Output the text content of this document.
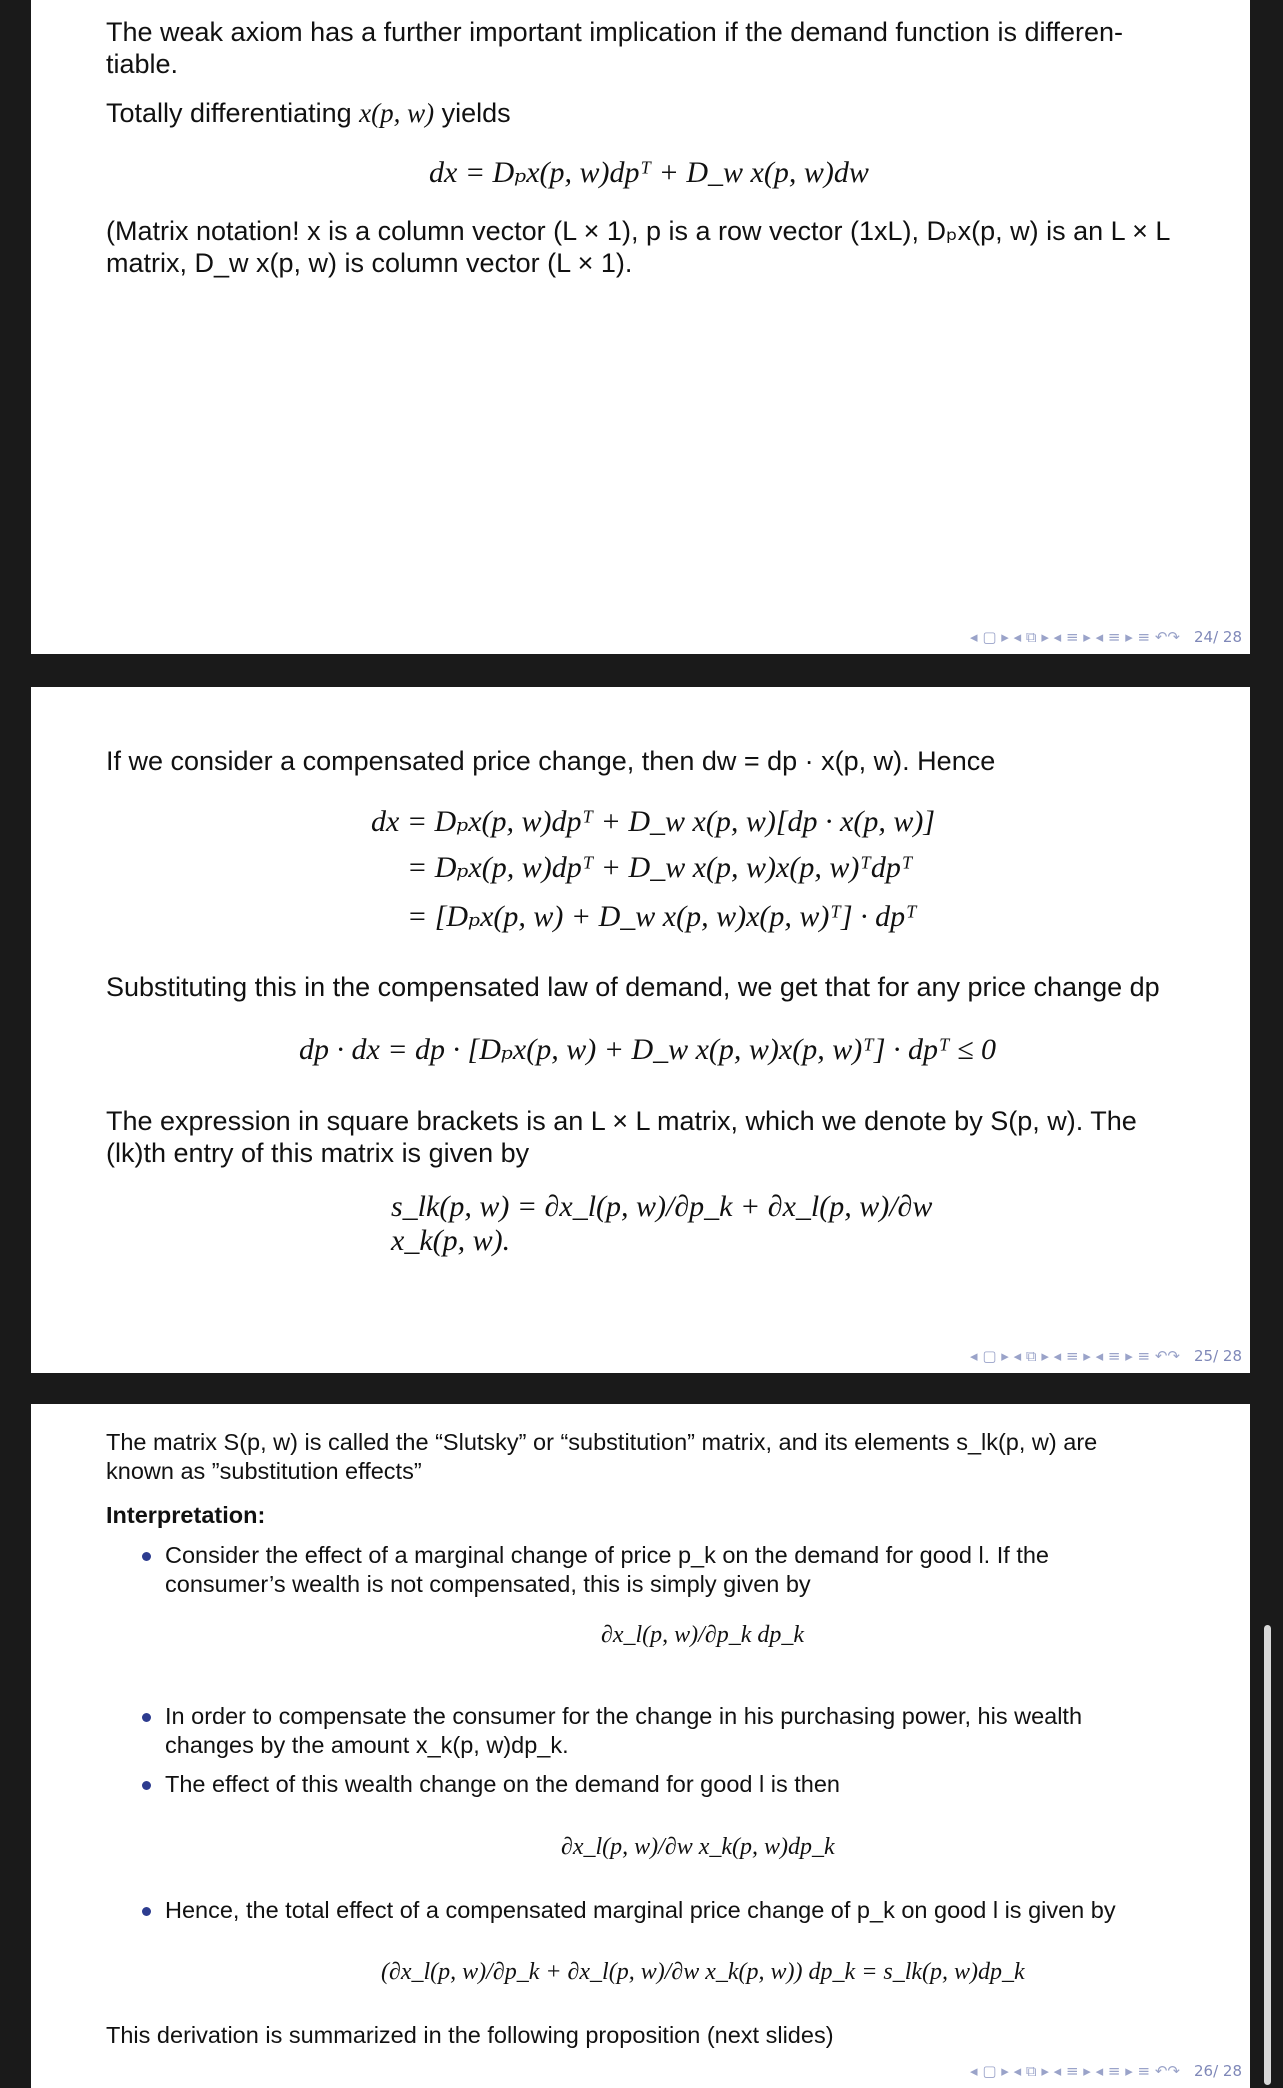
The weak axiom has a further important implication if the demand function is differen-
tiable.
Totally differentiating x(p, w) yields
dx = Dₚx(p, w)dpᵀ + D_w x(p, w)dw
(Matrix notation! x is a column vector (L × 1), p is a row vector (1xL), Dₚx(p, w) is an L × L
matrix, D_w x(p, w) is column vector (L × 1).
◂ ▢ ▸ ◂ ⧉ ▸ ◂ ≡ ▸ ◂ ≡ ▸ ≡ ↶↷ 24/ 28
If we consider a compensated price change, then dw = dp · x(p, w). Hence
dx = Dₚx(p, w)dpᵀ + D_w x(p, w)[dp · x(p, w)]
= Dₚx(p, w)dpᵀ + D_w x(p, w)x(p, w)ᵀdpᵀ
= [Dₚx(p, w) + D_w x(p, w)x(p, w)ᵀ] · dpᵀ
Substituting this in the compensated law of demand, we get that for any price change dp
dp · dx = dp · [Dₚx(p, w) + D_w x(p, w)x(p, w)ᵀ] · dpᵀ ≤ 0
The expression in square brackets is an L × L matrix, which we denote by S(p, w). The
(lk)th entry of this matrix is given by
s_lk(p, w) = ∂x_l(p, w)/∂p_k + ∂x_l(p, w)/∂w x_k(p, w).
◂ ▢ ▸ ◂ ⧉ ▸ ◂ ≡ ▸ ◂ ≡ ▸ ≡ ↶↷ 25/ 28
The matrix S(p, w) is called the “Slutsky” or “substitution” matrix, and its elements s_lk(p, w) are
known as ”substitution effects”
Interpretation:
Consider the effect of a marginal change of price p_k on the demand for good l. If the
consumer’s wealth is not compensated, this is simply given by
∂x_l(p, w)/∂p_k dp_k
In order to compensate the consumer for the change in his purchasing power, his wealth
changes by the amount x_k(p, w)dp_k.
The effect of this wealth change on the demand for good l is then
∂x_l(p, w)/∂w x_k(p, w)dp_k
Hence, the total effect of a compensated marginal price change of p_k on good l is given by
(∂x_l(p, w)/∂p_k + ∂x_l(p, w)/∂w x_k(p, w)) dp_k = s_lk(p, w)dp_k
This derivation is summarized in the following proposition (next slides)
◂ ▢ ▸ ◂ ⧉ ▸ ◂ ≡ ▸ ◂ ≡ ▸ ≡ ↶↷ 26/ 28
